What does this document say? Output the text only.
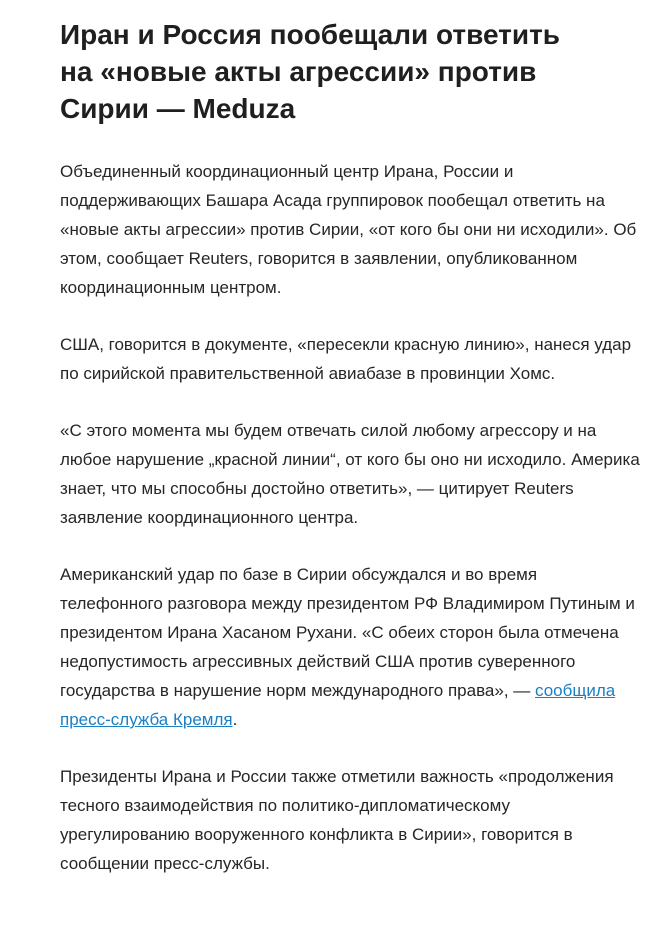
Иран и Россия пообещали ответить на «новые акты агрессии» против Сирии — Meduza

Объединенный координационный центр Ирана, России и поддерживающих Башара Асада группировок пообещал ответить на «новые акты агрессии» против Сирии, «от кого бы они ни исходили». Об этом, сообщает Reuters, говорится в заявлении, опубликованном координационным центром.

США, говорится в документе, «пересекли красную линию», нанеся удар по сирийской правительственной авиабазе в провинции Хомс.

«С этого момента мы будем отвечать силой любому агрессору и на любое нарушение „красной линии“, от кого бы оно ни исходило. Америка знает, что мы способны достойно ответить», — цитирует Reuters заявление координационного центра.

Американский удар по базе в Сирии обсуждался и во время телефонного разговора между президентом РФ Владимиром Путиным и президентом Ирана Хасаном Рухани. «С обеих сторон была отмечена недопустимость агрессивных действий США против суверенного государства в нарушение норм международного права», — сообщила пресс-служба Кремля.

Президенты Ирана и России также отметили важность «продолжения тесного взаимодействия по политико-дипломатическому урегулированию вооруженного конфликта в Сирии», говорится в сообщении пресс-службы.
